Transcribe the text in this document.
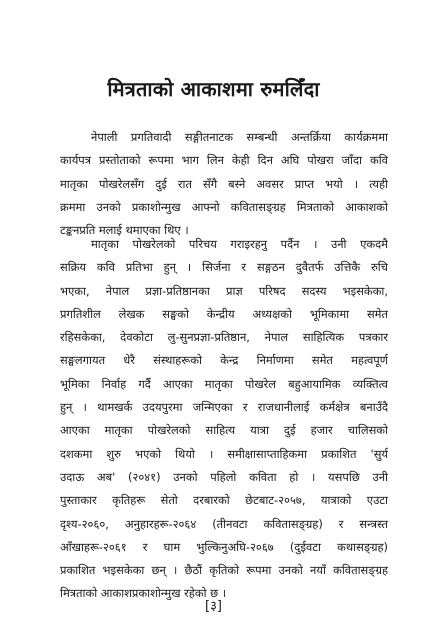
मित्रताको आकाशमा रुमलिँदा
नेपाली प्रगतिवादी सङ्गीतनाटक सम्बन्धी अन्तर्क्रिया कार्यक्रममा
कार्यपत्र प्रस्तोताको रूपमा भाग लिन केही दिन अघि पोखरा जाँदा कवि
मातृका पोखरेलसँग दुई रात सँगै बस्ने अवसर प्राप्त भयो । त्यही
क्रममा उनको प्रकाशोन्मुख आफ्नो कवितासङ्ग्रह मित्रताको आकाशको
टङ्कनप्रति मलाई थमाएका थिए ।
मातृका पोखरेलको परिचय गराइरहनु पर्दैन । उनी एकदमै
सक्रिय कवि प्रतिभा हुन् । सिर्जना र सङ्गठन दुवैतर्फ उत्तिकै रुचि
भएका, नेपाल प्रज्ञा-प्रतिष्ठानका प्राज्ञ परिषद सदस्य भइसकेका,
प्रगतिशील लेखक सङ्घको केन्द्रीय अध्यक्षको भूमिकामा समेत
रहिसकेका, देवकोटा लु-सुनप्रज्ञा-प्रतिष्ठान, नेपाल साहित्यिक पत्रकार
सङ्घलगायत धेरै संस्थाहरूको केन्द्र निर्माणमा समेत महत्वपूर्ण
भूमिका निर्वाह गर्दै आएका मातृका पोखरेल बहुआयामिक व्यक्तित्व
हुन् । थामखर्क उदयपुरमा जन्मिएका र राजधानीलाई कर्मक्षेत्र बनाउँदै
आएका मातृका पोखरेलको साहित्य यात्रा दुई हजार चालिसको
दशकमा शुरु भएको थियो । समीक्षासाप्ताहिकमा प्रकाशित 'सुर्य
उदाऊ अब' (२०४१) उनको पहिलो कविता हो । यसपछि उनी
पुस्ताकार कृतिहरू सेतो दरबारको छेटबाट-२०५७, यात्राको एउटा
दृश्य-२०६०, अनुहारहरू-२०६४ (तीनवटा कवितासङ्ग्रह) र सन्त्रस्त
आँखाहरू-२०६१ र घाम भुल्किनुअघि-२०६७ (दुईवटा कथासङ्ग्रह)
प्रकाशित भइसकेका छन् । छैठौं कृतिको रूपमा उनको नयाँ कवितासङ्ग्रह
मित्रताको आकाशप्रकाशोन्मुख रहेको छ ।
[३]
